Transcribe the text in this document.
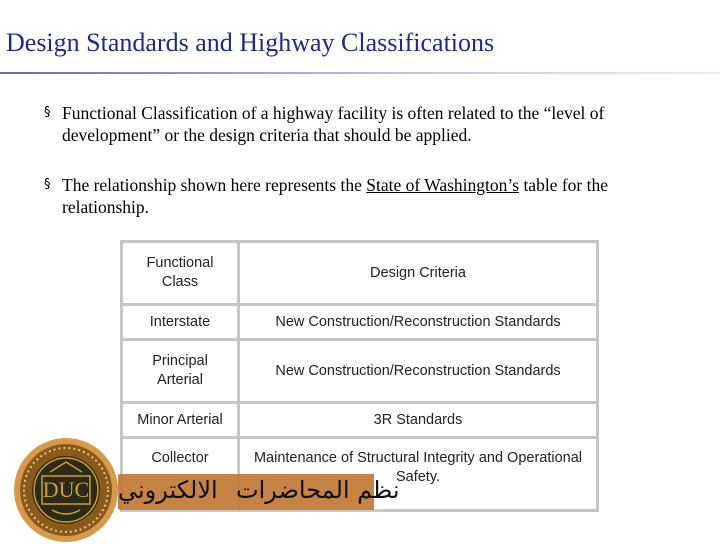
Design Standards and Highway Classifications
§ Functional Classification of a highway facility is often related to the “level of development” or the design criteria that should be applied.
§ The relationship shown here represents the State of Washington’s table for the relationship.
Functional Class	Design Criteria
Interstate	New Construction/Reconstruction Standards
Principal Arterial	New Construction/Reconstruction Standards
Minor Arterial	3R Standards
Collector	Maintenance of Structural Integrity and Operational Safety.
DUC الالكتروني نظم المحاضرات
